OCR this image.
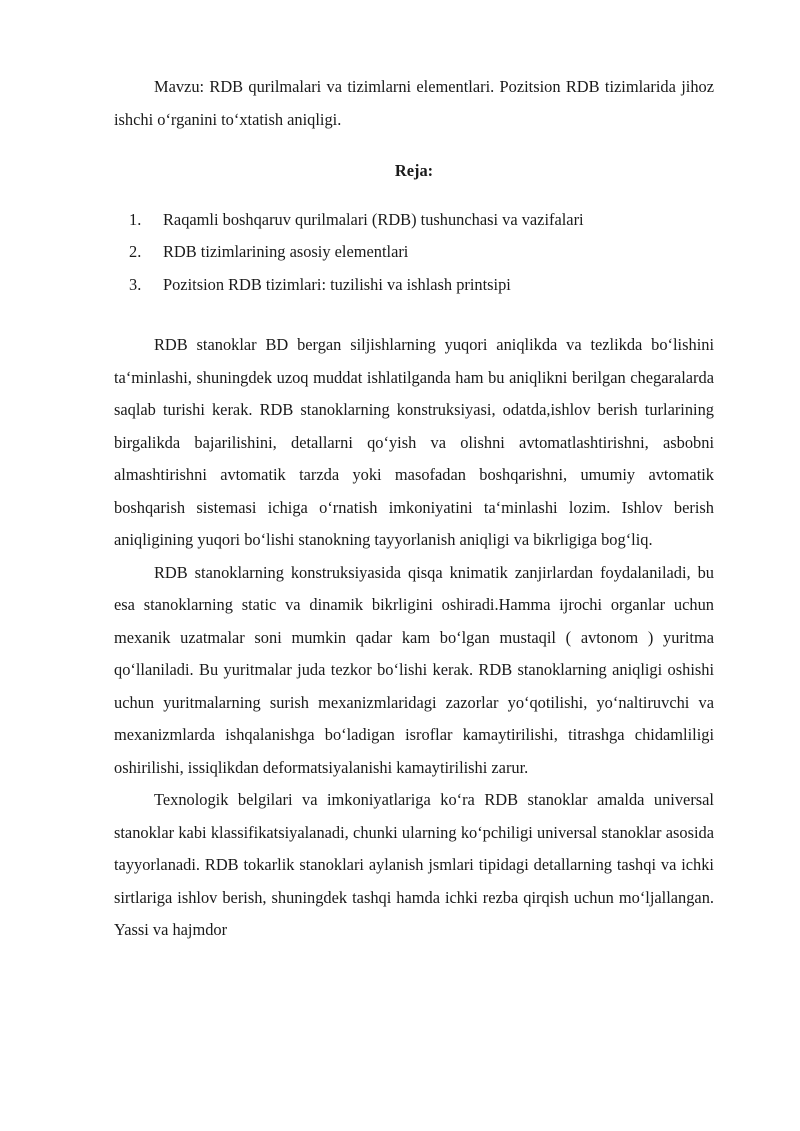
Mavzu: RDB qurilmalari va tizimlarni elementlari. Pozitsion RDB tizimlarida jihoz ishchi o‘rganini to‘xtatish aniqligi.

Reja:
1. Raqamli boshqaruv qurilmalari (RDB) tushunchasi va vazifalari
2. RDB tizimlarining asosiy elementlari
3. Pozitsion RDB tizimlari: tuzilishi va ishlash printsipi

RDB stanoklar BD bergan siljishlarning yuqori aniqlikda va tezlikda bo‘lishini ta‘minlashi, shuningdek uzoq muddat ishlatilganda ham bu aniqlikni berilgan chegaralarda saqlab turishi kerak. RDB stanoklarning konstruksiyasi, odatda,ishlov berish turlarining birgalikda bajarilishini, detallarni qo‘yish va olishni avtomatlashtirishni, asbobni almashtirishni avtomatik tarzda yoki masofadan boshqarishni, umumiy avtomatik boshqarish sistemasi ichiga o‘rnatish imkoniyatini ta‘minlashi lozim. Ishlov berish aniqligining yuqori bo‘lishi stanokning tayyorlanish aniqligi va bikrligiga bog‘liq.

RDB stanoklarning konstruksiyasida qisqa knimatik zanjirlardan foydalaniladi, bu esa stanoklarning static va dinamik bikrligini oshiradi.Hamma ijrochi organlar uchun mexanik uzatmalar soni mumkin qadar kam bo‘lgan mustaqil ( avtonom ) yuritma qo‘llaniladi. Bu yuritmalar juda tezkor bo‘lishi kerak. RDB stanoklarning aniqligi oshishi uchun yuritmalarning surish mexanizmlaridagi zazorlar yo‘qotilishi, yo‘naltiruvchi va mexanizmlarda ishqalanishga bo‘ladigan isroflar kamaytirilishi, titrashga chidamliligi oshirilishi, issiqlikdan deformatsiyalanishi kamaytirilishi zarur.

Texnologik belgilari va imkoniyatlariga ko‘ra RDB stanoklar amalda universal stanoklar kabi klassifikatsiyalanadi, chunki ularning ko‘pchiligi universal stanoklar asosida tayyorlanadi. RDB tokarlik stanoklari aylanish jsmlari tipidagi detallarning tashqi va ichki sirtlariga ishlov berish, shuningdek tashqi hamda ichki rezba qirqish uchun mo‘ljallangan. Yassi va hajmdor
